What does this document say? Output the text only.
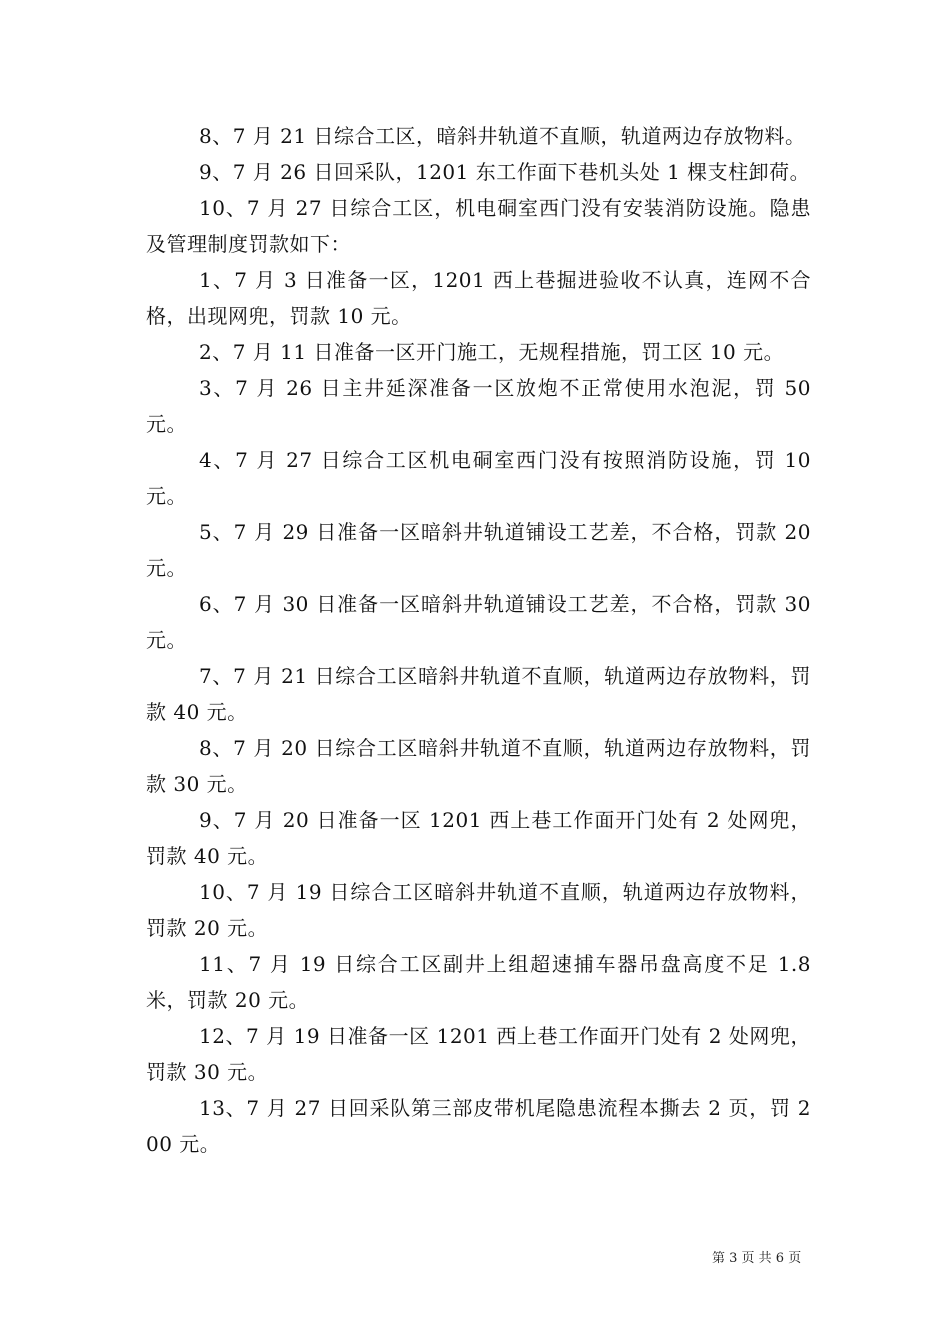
8、7 月 21 日综合工区，暗斜井轨道不直顺，轨道两边存放物料。

9、7 月 26 日回采队，1201 东工作面下巷机头处 1 棵支柱卸荷。

10、7 月 27 日综合工区，机电硐室西门没有安装消防设施。隐患及管理制度罚款如下：

1、7 月 3 日准备一区，1201 西上巷掘进验收不认真，连网不合格，出现网兜，罚款 10 元。

2、7 月 11 日准备一区开门施工，无规程措施，罚工区 10 元。

3、7 月 26 日主井延深准备一区放炮不正常使用水泡泥，罚 50 元。

4、7 月 27 日综合工区机电硐室西门没有按照消防设施，罚 10 元。

5、7 月 29 日准备一区暗斜井轨道铺设工艺差，不合格，罚款 20 元。

6、7 月 30 日准备一区暗斜井轨道铺设工艺差，不合格，罚款 30 元。

7、7 月 21 日综合工区暗斜井轨道不直顺，轨道两边存放物料，罚款 40 元。

8、7 月 20 日综合工区暗斜井轨道不直顺，轨道两边存放物料，罚款 30 元。

9、7 月 20 日准备一区 1201 西上巷工作面开门处有 2 处网兜，罚款 40 元。

10、7 月 19 日综合工区暗斜井轨道不直顺，轨道两边存放物料，罚款 20 元。

11、7 月 19 日综合工区副井上组超速捕车器吊盘高度不足 1.8 米，罚款 20 元。

12、7 月 19 日准备一区 1201 西上巷工作面开门处有 2 处网兜，罚款 30 元。

13、7 月 27 日回采队第三部皮带机尾隐患流程本撕去 2 页，罚 200 元。

第 3 页 共 6 页
